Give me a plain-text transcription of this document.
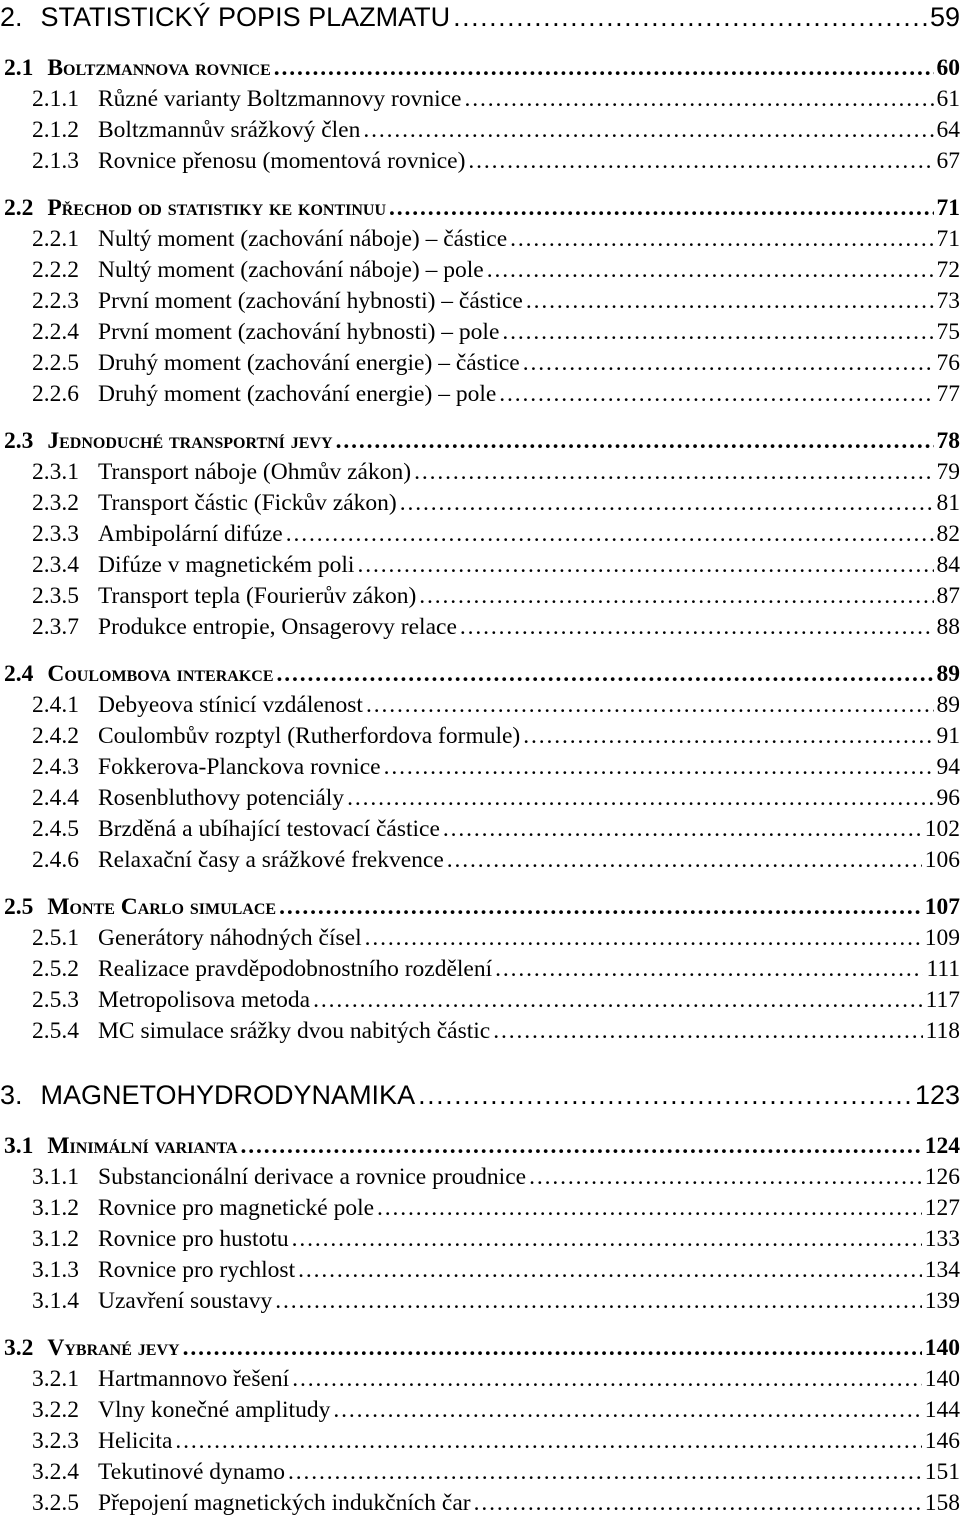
2. STATISTICKÝ POPIS PLAZMATU . . .	59
2.1 Boltzmannova rovnice . . .	60
2.1.1 Různé varianty Boltzmannovy rovnice . . .	61
2.1.2 Boltzmannův srážkový člen . . .	64
2.1.3 Rovnice přenosu (momentová rovnice) . . .	67
2.2 Přechod od statistiky ke kontinuu . . .	71
2.2.1 Nultý moment (zachování náboje) – částice . . .	71
2.2.2 Nultý moment (zachování náboje) – pole . . .	72
2.2.3 První moment (zachování hybnosti) – částice . . .	73
2.2.4 První moment (zachování hybnosti) – pole . . .	75
2.2.5 Druhý moment (zachování energie) – částice . . .	76
2.2.6 Druhý moment (zachování energie) – pole . . .	77
2.3 Jednoduché transportní jevy . . .	78
2.3.1 Transport náboje (Ohmův zákon) . . .	79
2.3.2 Transport částic (Fickův zákon) . . .	81
2.3.3 Ambipolární difúze . . .	82
2.3.4 Difúze v magnetickém poli . . .	84
2.3.5 Transport tepla (Fourierův zákon) . . .	87
2.3.7 Produkce entropie, Onsagerovy relace . . .	88
2.4 Coulombova interakce . . .	89
2.4.1 Debyeova stínicí vzdálenost . . .	89
2.4.2 Coulombův rozptyl (Rutherfordova formule) . . .	91
2.4.3 Fokkerova-Planckova rovnice . . .	94
2.4.4 Rosenbluthovy potenciály . . .	96
2.4.5 Brzděná a ubíhající testovací částice . . .	102
2.4.6 Relaxační časy a srážkové frekvence . . .	106
2.5 Monte Carlo simulace . . .	107
2.5.1 Generátory náhodných čísel . . .	109
2.5.2 Realizace pravděpodobnostního rozdělení . . .	111
2.5.3 Metropolisova metoda . . .	117
2.5.4 MC simulace srážky dvou nabitých částic . . .	118
3. MAGNETOHYDRODYNAMIKA . . .	123
3.1 Minimální varianta . . .	124
3.1.1 Substancionální derivace a rovnice proudnice . . .	126
3.1.2 Rovnice pro magnetické pole . . .	127
3.1.2 Rovnice pro hustotu . . .	133
3.1.3 Rovnice pro rychlost . . .	134
3.1.4 Uzavření soustavy . . .	139
3.2 Vybrané jevy . . .	140
3.2.1 Hartmannovo řešení . . .	140
3.2.2 Vlny konečné amplitudy . . .	144
3.2.3 Helicita . . .	146
3.2.4 Tekutinové dynamo . . .	151
3.2.5 Přepojení magnetických indukčních čar . . .	158
